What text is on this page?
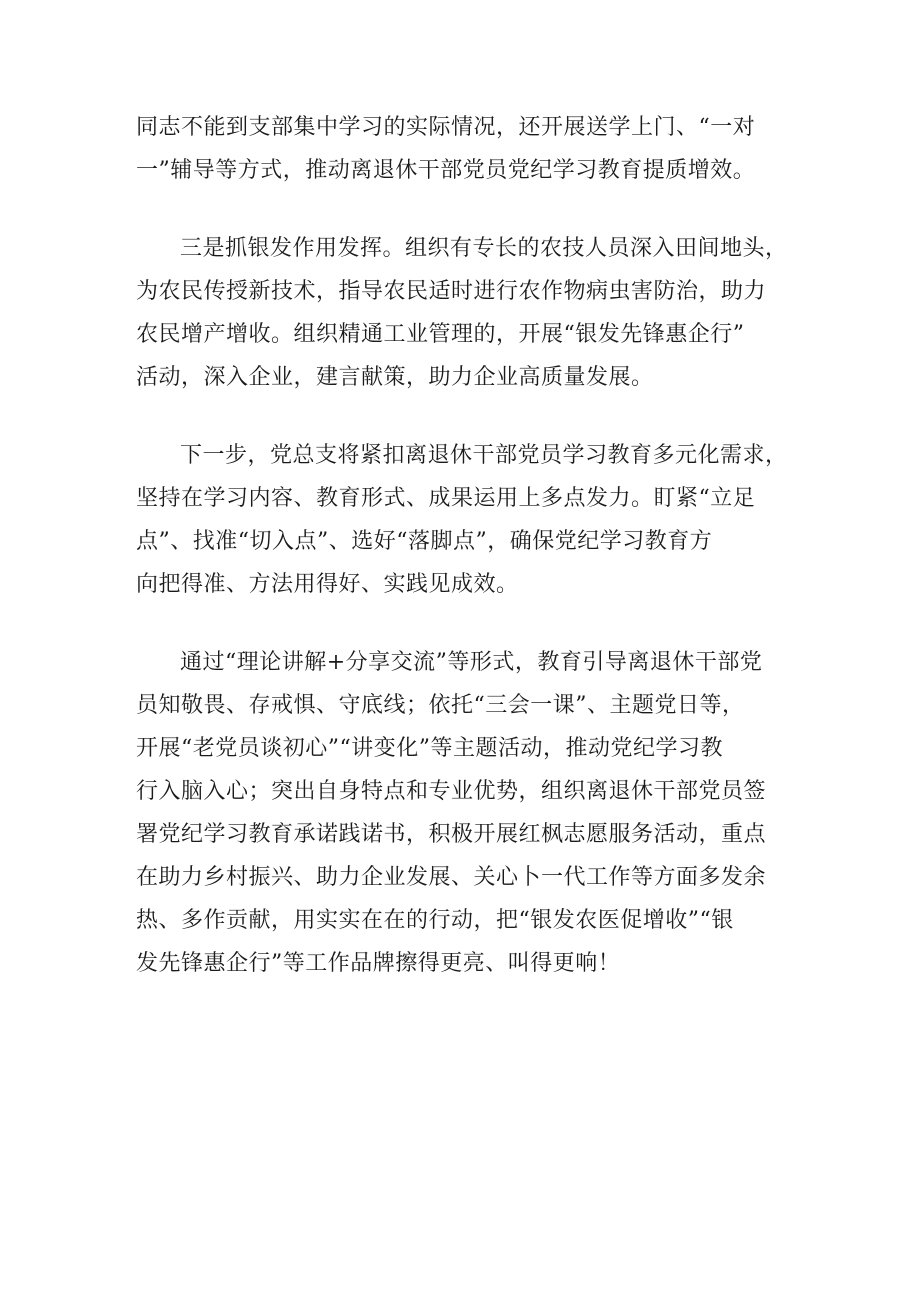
同志不能到支部集中学习的实际情况，还开展送学上门、“一对
一”辅导等方式，推动离退休干部党员党纪学习教育提质增效。

三是抓银发作用发挥。组织有专长的农技人员深入田间地头，
为农民传授新技术，指导农民适时进行农作物病虫害防治，助力
农民增产增收。组织精通工业管理的，开展“银发先锋惠企行”
活动，深入企业，建言献策，助力企业高质量发展。

下一步，党总支将紧扣离退休干部党员学习教育多元化需求，
坚持在学习内容、教育形式、成果运用上多点发力。盯紧“立足
点”、找准“切入点”、选好“落脚点”，确保党纪学习教育方
向把得准、方法用得好、实践见成效。

通过“理论讲解+分享交流”等形式，教育引导离退休干部党
员知敬畏、存戒惧、守底线；依托“三会一课”、主题党日等，
开展“老党员谈初心”“讲变化”等主题活动，推动党纪学习教
行入脑入心；突出自身特点和专业优势，组织离退休干部党员签
署党纪学习教育承诺践诺书，积极开展红枫志愿服务活动，重点
在助力乡村振兴、助力企业发展、关心卜一代工作等方面多发余
热、多作贡献，用实实在在的行动，把“银发农医促增收”“银
发先锋惠企行”等工作品牌擦得更亮、叫得更响！
